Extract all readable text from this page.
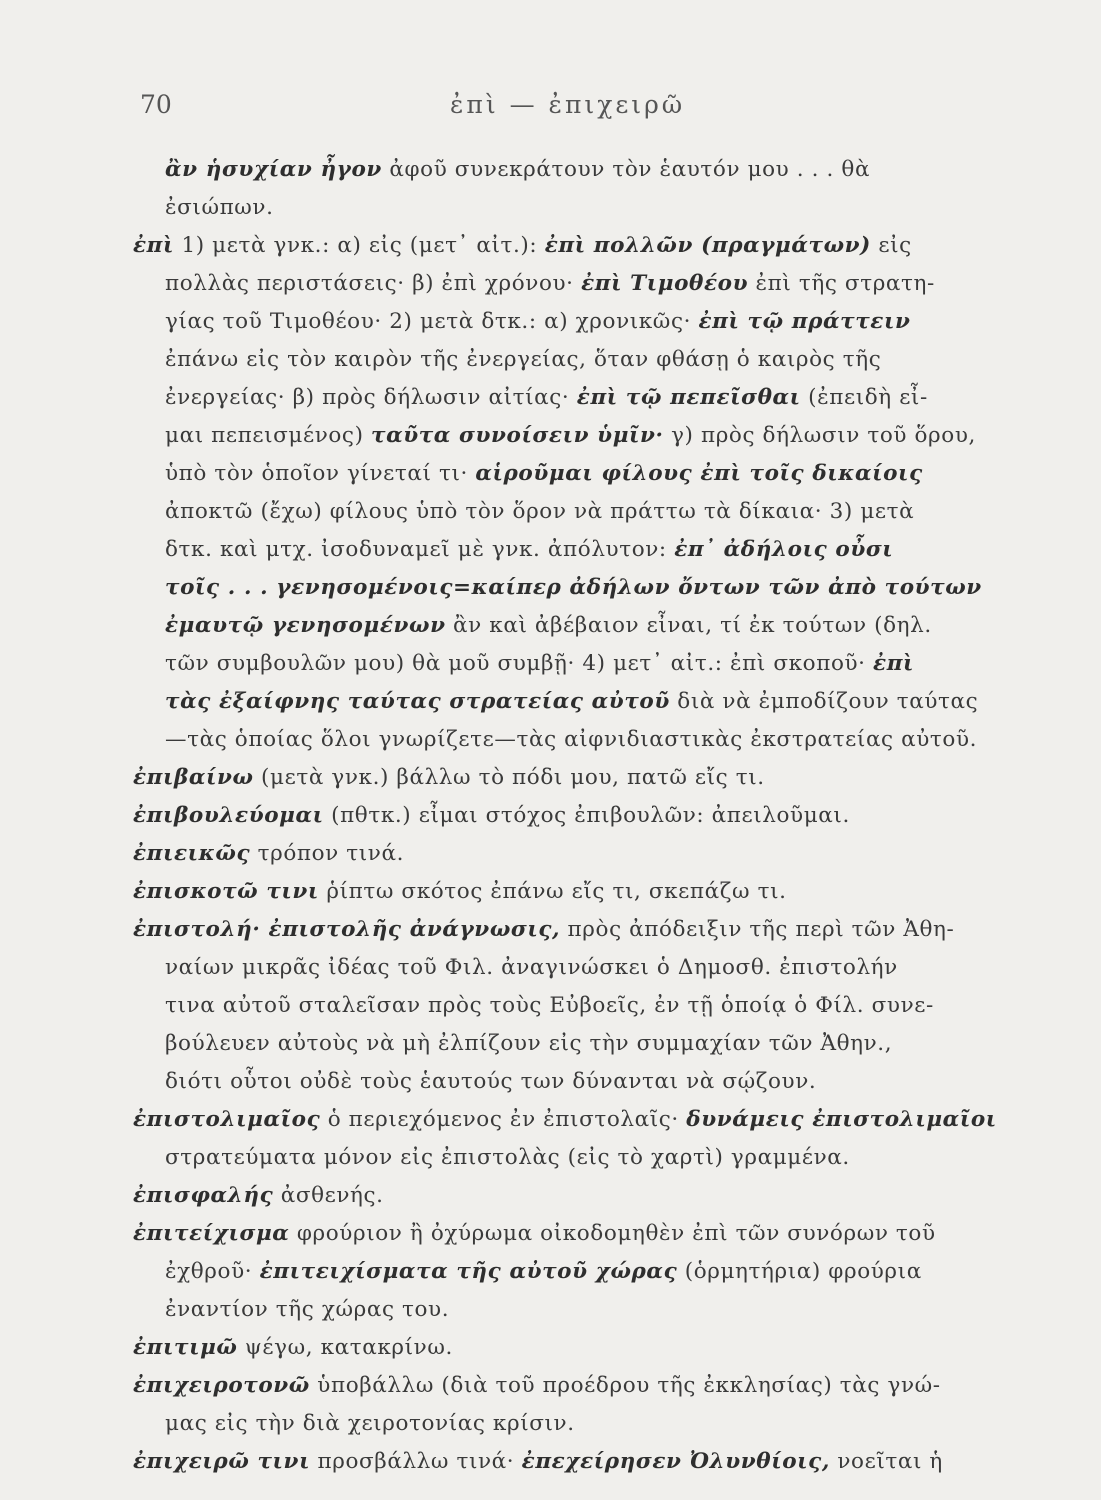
70	ἐπὶ — ἐπιχειρῶ
ἂν ἡσυχίαν ἦγον ἀφοῦ συνεκράτουν τὸν ἑαυτόν μου . . . θὰ
ἐσιώπων.
ἐπὶ 1) μετὰ γνκ.: α) εἰς (μετ᾽ αἰτ.): ἐπὶ πολλῶν (πραγμάτων) εἰς
πολλὰς περιστάσεις· β) ἐπὶ χρόνου· ἐπὶ Τιμοθέου ἐπὶ τῆς στρατη-
γίας τοῦ Τιμοθέου· 2) μετὰ δτκ.: α) χρονικῶς· ἐπὶ τῷ πράττειν
ἐπάνω εἰς τὸν καιρὸν τῆς ἐνεργείας, ὅταν φθάσῃ ὁ καιρὸς τῆς
ἐνεργείας· β) πρὸς δήλωσιν αἰτίας· ἐπὶ τῷ πεπεῖσθαι (ἐπειδὴ εἶ-
μαι πεπεισμένος) ταῦτα συνοίσειν ὑμῖν· γ) πρὸς δήλωσιν τοῦ ὅρου,
ὑπὸ τὸν ὁποῖον γίνεταί τι· αἱροῦμαι φίλους ἐπὶ τοῖς δικαίοις
ἀποκτῶ (ἔχω) φίλους ὑπὸ τὸν ὅρον νὰ πράττω τὰ δίκαια· 3) μετὰ
δτκ. καὶ μτχ. ἰσοδυναμεῖ μὲ γνκ. ἀπόλυτον: ἐπ᾽ ἀδήλοις οὖσι
τοῖς . . . γενησομένοις=καίπερ ἀδήλων ὄντων τῶν ἀπὸ τούτων
ἐμαυτῷ γενησομένων ἂν καὶ ἀβέβαιον εἶναι, τί ἐκ τούτων (δηλ.
τῶν συμβουλῶν μου) θὰ μοῦ συμβῇ· 4) μετ᾽ αἰτ.: ἐπὶ σκοποῦ· ἐπὶ
τὰς ἐξαίφνης ταύτας στρατείας αὐτοῦ διὰ νὰ ἐμποδίζουν ταύτας
—τὰς ὁποίας ὅλοι γνωρίζετε—τὰς αἰφνιδιαστικὰς ἐκστρατείας αὐτοῦ.
ἐπιβαίνω (μετὰ γνκ.) βάλλω τὸ πόδι μου, πατῶ εἴς τι.
ἐπιβουλεύομαι (πθτκ.) εἶμαι στόχος ἐπιβουλῶν: ἀπειλοῦμαι.
ἐπιεικῶς τρόπον τινά.
ἐπισκοτῶ τινι ῥίπτω σκότος ἐπάνω εἴς τι, σκεπάζω τι.
ἐπιστολή· ἐπιστολῆς ἀνάγνωσις, πρὸς ἀπόδειξιν τῆς περὶ τῶν Ἀθη-
ναίων μικρᾶς ἰδέας τοῦ Φιλ. ἀναγινώσκει ὁ Δημοσθ. ἐπιστολήν
τινα αὐτοῦ σταλεῖσαν πρὸς τοὺς Εὐβοεῖς, ἐν τῇ ὁποίᾳ ὁ Φίλ. συνε-
βούλευεν αὐτοὺς νὰ μὴ ἐλπίζουν εἰς τὴν συμμαχίαν τῶν Ἀθην.,
διότι οὗτοι οὐδὲ τοὺς ἑαυτούς των δύνανται νὰ σῴζουν.
ἐπιστολιμαῖος ὁ περιεχόμενος ἐν ἐπιστολαῖς· δυνάμεις ἐπιστολιμαῖοι
στρατεύματα μόνον εἰς ἐπιστολὰς (εἰς τὸ χαρτὶ) γραμμένα.
ἐπισφαλής ἀσθενής.
ἐπιτείχισμα φρούριον ἢ ὀχύρωμα οἰκοδομηθὲν ἐπὶ τῶν συνόρων τοῦ
ἐχθροῦ· ἐπιτειχίσματα τῆς αὐτοῦ χώρας (ὁρμητήρια) φρούρια
ἐναντίον τῆς χώρας του.
ἐπιτιμῶ ψέγω, κατακρίνω.
ἐπιχειροτονῶ ὑποβάλλω (διὰ τοῦ προέδρου τῆς ἐκκλησίας) τὰς γνώ-
μας εἰς τὴν διὰ χειροτονίας κρίσιν.
ἐπιχειρῶ τινι προσβάλλω τινά· ἐπεχείρησεν Ὀλυνθίοις, νοεῖται ἡ
